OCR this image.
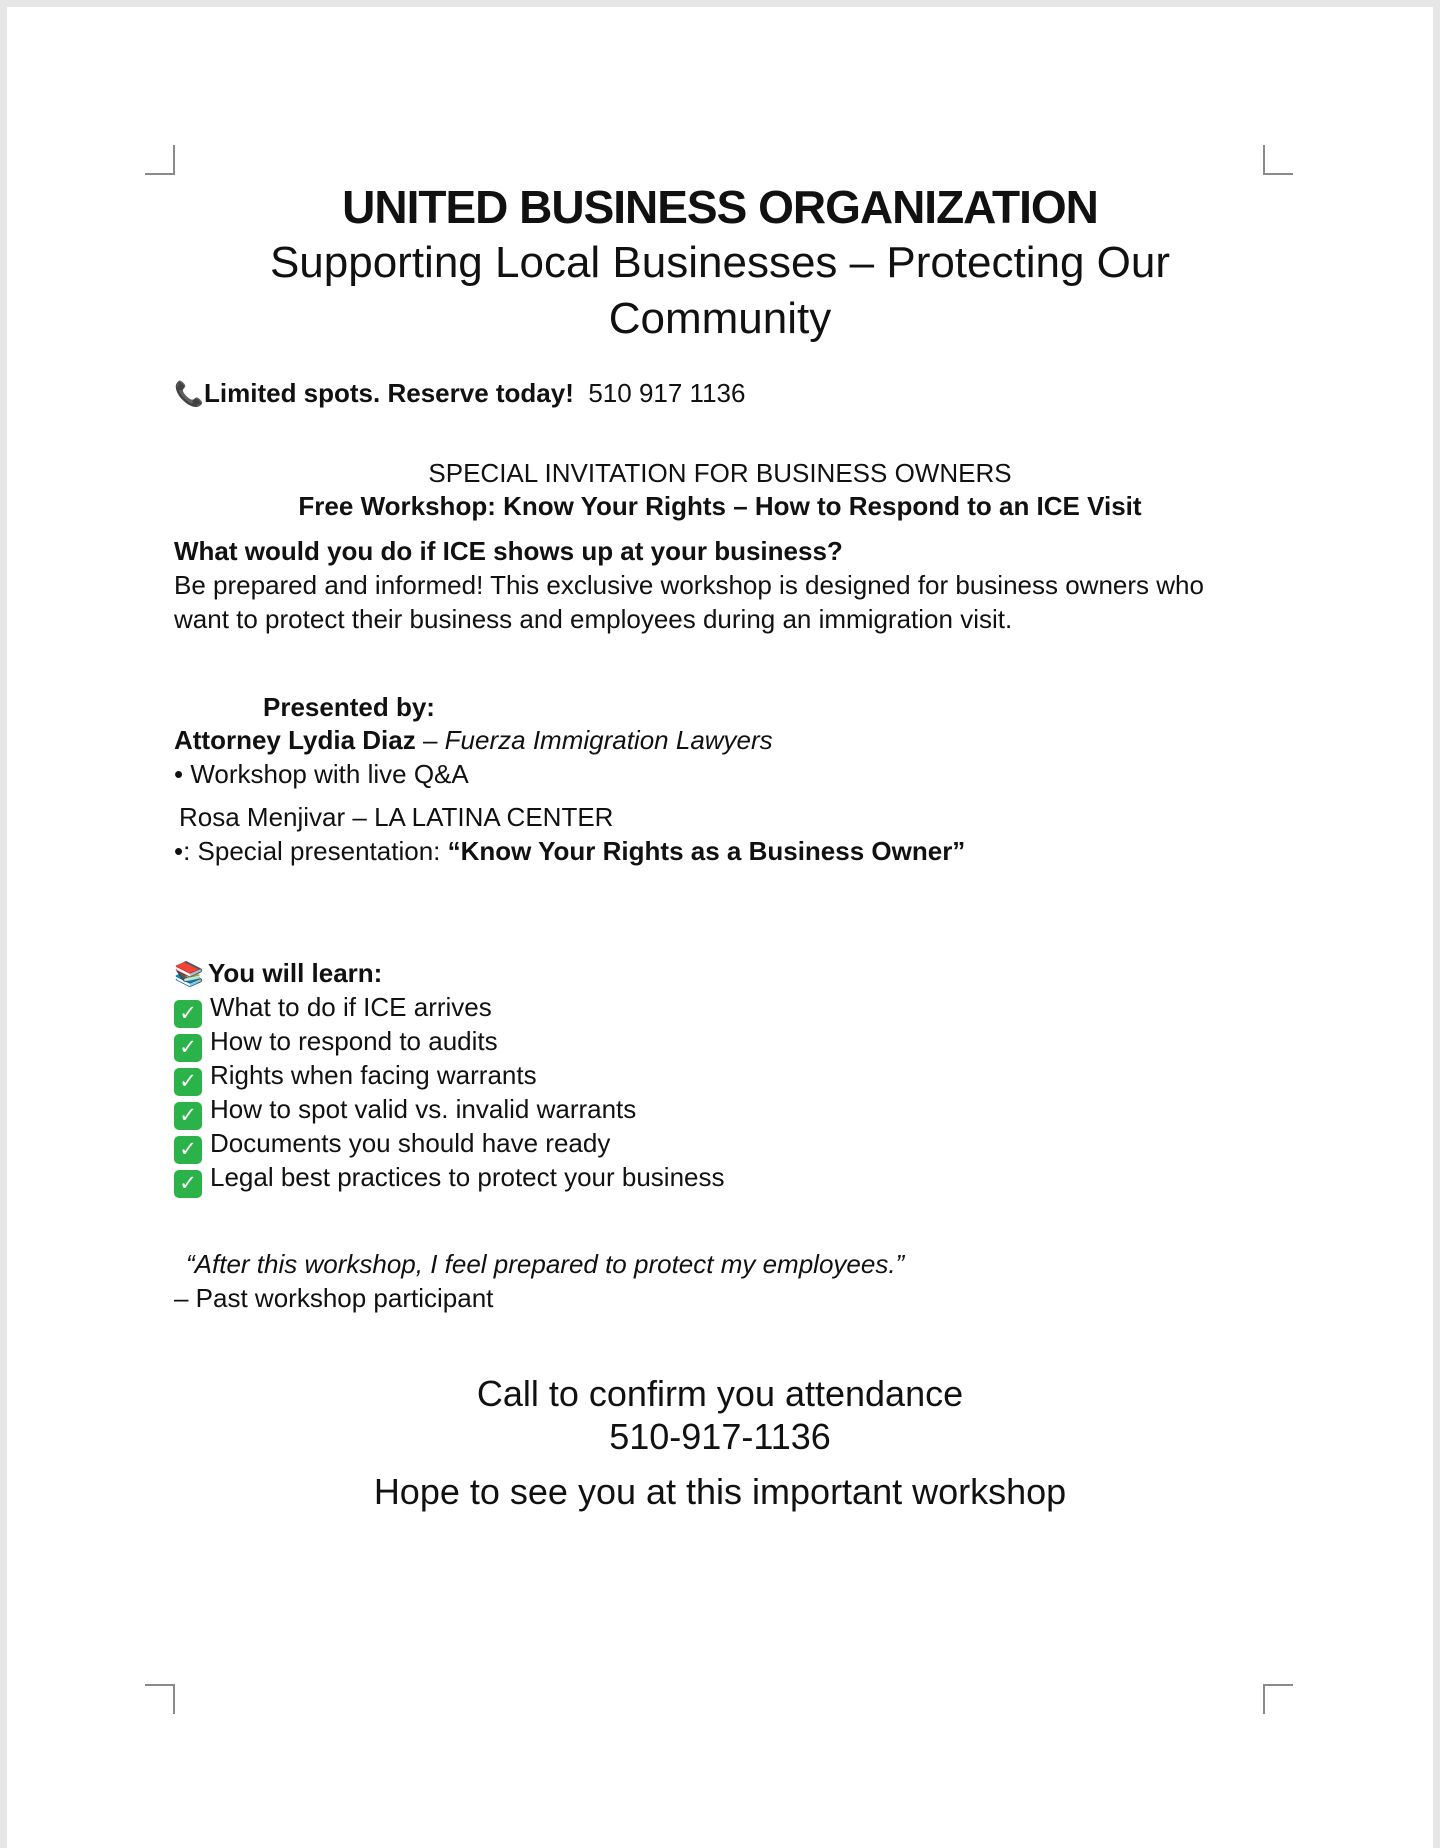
UNITED BUSINESS ORGANIZATION
Supporting Local Businesses – Protecting Our Community
📞Limited spots. Reserve today! 510 917 1136
SPECIAL INVITATION FOR BUSINESS OWNERS
Free Workshop: Know Your Rights – How to Respond to an ICE Visit
What would you do if ICE shows up at your business?
Be prepared and informed! This exclusive workshop is designed for business owners who
want to protect their business and employees during an immigration visit.
Presented by:
Attorney Lydia Diaz – Fuerza Immigration Lawyers
• Workshop with live Q&A
Rosa Menjivar – LA LATINA CENTER
•: Special presentation: “Know Your Rights as a Business Owner”
📚 You will learn:
✓ What to do if ICE arrives
✓ How to respond to audits
✓ Rights when facing warrants
✓ How to spot valid vs. invalid warrants
✓ Documents you should have ready
✓ Legal best practices to protect your business
“After this workshop, I feel prepared to protect my employees.”
– Past workshop participant
Call to confirm you attendance
510-917-1136
Hope to see you at this important workshop
